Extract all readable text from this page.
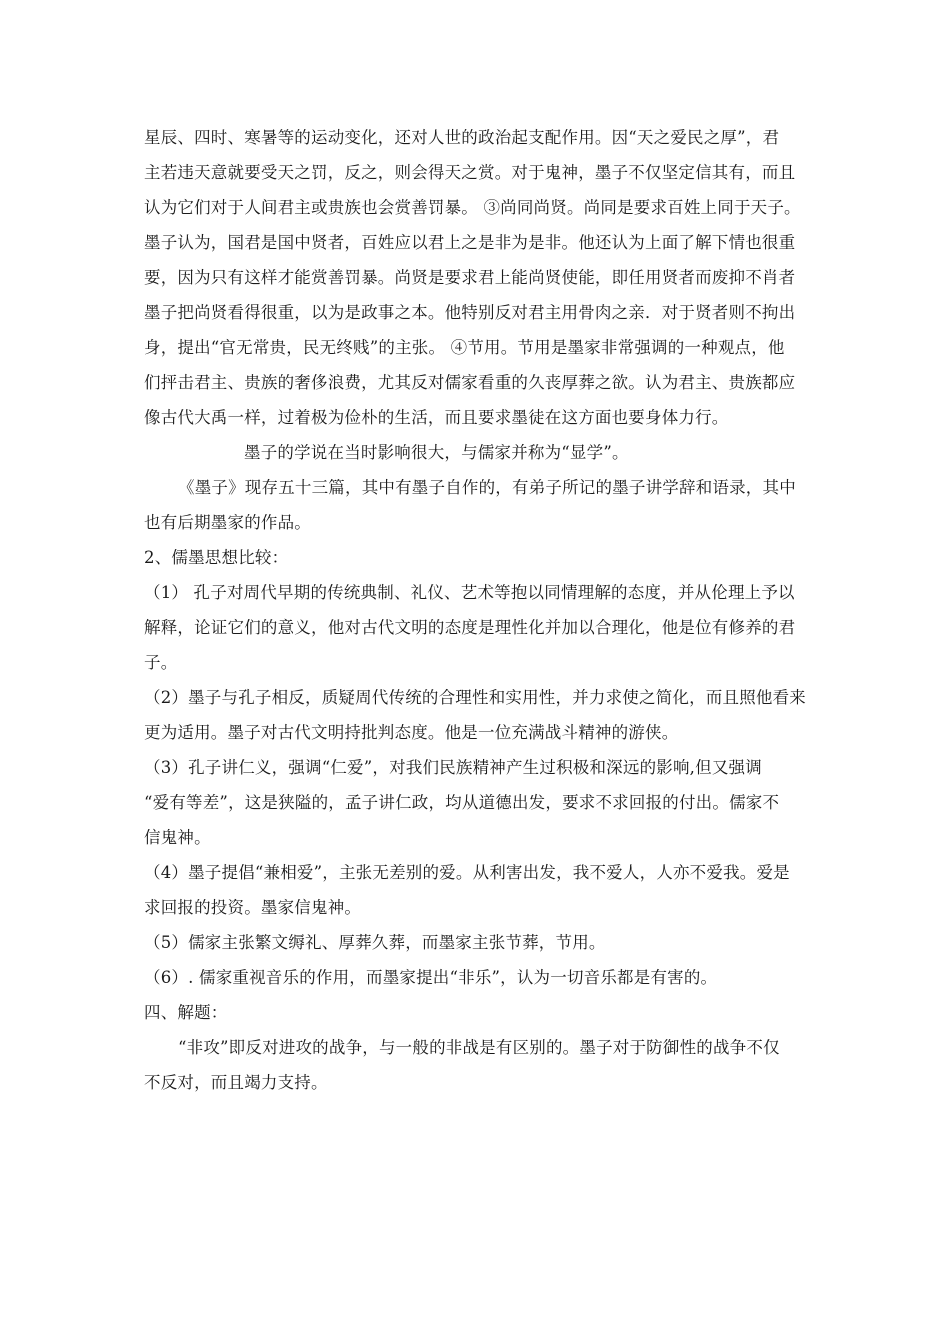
星辰、四时、寒暑等的运动变化，还对人世的政治起支配作用。因“天之爱民之厚”，君
主若违天意就要受天之罚，反之，则会得天之赏。对于鬼神，墨子不仅坚定信其有，而且
认为它们对于人间君主或贵族也会赏善罚暴。 ③尚同尚贤。尚同是要求百姓上同于天子。
墨子认为，国君是国中贤者，百姓应以君上之是非为是非。他还认为上面了解下情也很重
要，因为只有这样才能赏善罚暴。尚贤是要求君上能尚贤使能，即任用贤者而废抑不肖者
墨子把尚贤看得很重，以为是政事之本。他特别反对君主用骨肉之亲．对于贤者则不拘出
身，提出“官无常贵，民无终贱”的主张。 ④节用。节用是墨家非常强调的一种观点，他
们抨击君主、贵族的奢侈浪费，尤其反对儒家看重的久丧厚葬之欲。认为君主、贵族都应
像古代大禹一样，过着极为俭朴的生活，而且要求墨徒在这方面也要身体力行。
墨子的学说在当时影响很大，与儒家并称为“显学”。
《墨子》现存五十三篇，其中有墨子自作的，有弟子所记的墨子讲学辞和语录，其中
也有后期墨家的作品。
2、儒墨思想比较：
（1） 孔子对周代早期的传统典制、礼仪、艺术等抱以同情理解的态度，并从伦理上予以
解释，论证它们的意义，他对古代文明的态度是理性化并加以合理化，他是位有修养的君
子。
（2）墨子与孔子相反，质疑周代传统的合理性和实用性，并力求使之简化，而且照他看来
更为适用。墨子对古代文明持批判态度。他是一位充满战斗精神的游侠。
（3）孔子讲仁义，强调“仁爱”，对我们民族精神产生过积极和深远的影响,但又强调
“爱有等差”，这是狭隘的，孟子讲仁政，均从道德出发，要求不求回报的付出。儒家不
信鬼神。
（4）墨子提倡“兼相爱”，主张无差别的爱。从利害出发，我不爱人，人亦不爱我。爱是
求回报的投资。墨家信鬼神。
（5）儒家主张繁文缛礼、厚葬久葬，而墨家主张节葬，节用。
（6）. 儒家重视音乐的作用，而墨家提出“非乐”，认为一切音乐都是有害的。
四、解题：
“非攻”即反对进攻的战争，与一般的非战是有区别的。墨子对于防御性的战争不仅
不反对，而且竭力支持。
